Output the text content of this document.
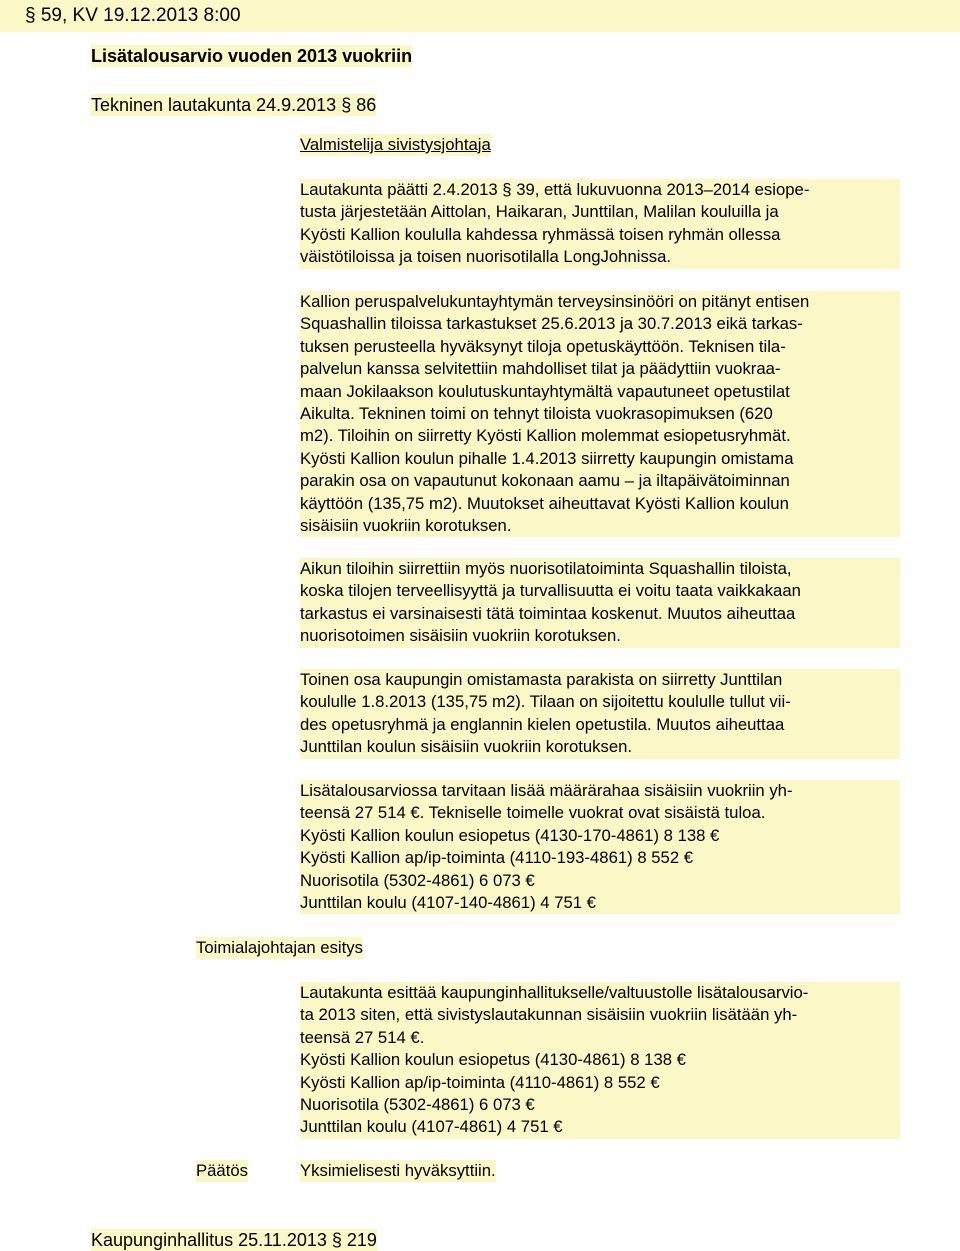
§ 59, KV 19.12.2013 8:00
Lisätalousarvio vuoden 2013 vuokriin
Tekninen lautakunta 24.9.2013 § 86
Valmistelija sivistysjohtaja
Lautakunta päätti 2.4.2013 § 39, että lukuvuonna 2013–2014 esiope-
tusta järjestetään Aittolan, Haikaran, Junttilan, Malilan kouluilla ja
Kyösti Kallion koululla kahdessa ryhmässä toisen ryhmän ollessa
väistötiloissa ja toisen nuorisotilalla LongJohnissa.
Kallion peruspalvelukuntayhtymän terveysinsinööri on pitänyt entisen
Squashallin tiloissa tarkastukset 25.6.2013 ja 30.7.2013 eikä tarkas-
tuksen perusteella hyväksynyt tiloja opetuskäyttöön. Teknisen tila-
palvelun kanssa selvitettiin mahdolliset tilat ja päädyttiin vuokraa-
maan Jokilaakson koulutuskuntayhtymältä vapautuneet opetustilat
Aikulta. Tekninen toimi on tehnyt tiloista vuokrasopimuksen (620
m2). Tiloihin on siirretty Kyösti Kallion molemmat esiopetusryhmät.
Kyösti Kallion koulun pihalle 1.4.2013 siirretty kaupungin omistama
parakin osa on vapautunut kokonaan aamu – ja iltapäivätoiminnan
käyttöön (135,75 m2). Muutokset aiheuttavat Kyösti Kallion koulun
sisäisiin vuokriin korotuksen.
Aikun tiloihin siirrettiin myös nuorisotilatoiminta Squashallin tiloista,
koska tilojen terveellisyyttä ja turvallisuutta ei voitu taata vaikkakaan
tarkastus ei varsinaisesti tätä toimintaa koskenut. Muutos aiheuttaa
nuorisotoimen sisäisiin vuokriin korotuksen.
Toinen osa kaupungin omistamasta parakista on siirretty Junttilan
koululle 1.8.2013 (135,75 m2). Tilaan on sijoitettu koululle tullut vii-
des opetusryhmä ja englannin kielen opetustila. Muutos aiheuttaa
Junttilan koulun sisäisiin vuokriin korotuksen.
Lisätalousarviossa tarvitaan lisää määrärahaa sisäisiin vuokriin yh-
teensä 27 514 €. Tekniselle toimelle vuokrat ovat sisäistä tuloa.
Kyösti Kallion koulun esiopetus (4130-170-4861) 8 138 €
Kyösti Kallion ap/ip-toiminta (4110-193-4861) 8 552 €
Nuorisotila (5302-4861) 6 073 €
Junttilan koulu (4107-140-4861) 4 751 €
Toimialajohtajan esitys
Lautakunta esittää kaupunginhallitukselle/valtuustolle lisätalousarvio-
ta 2013 siten, että sivistyslautakunnan sisäisiin vuokriin lisätään yh-
teensä 27 514 €.
Kyösti Kallion koulun esiopetus (4130-4861) 8 138 €
Kyösti Kallion ap/ip-toiminta (4110-4861) 8 552 €
Nuorisotila (5302-4861) 6 073 €
Junttilan koulu (4107-4861) 4 751 €
Päätös	Yksimielisesti hyväksyttiin.
Kaupunginhallitus 25.11.2013 § 219
